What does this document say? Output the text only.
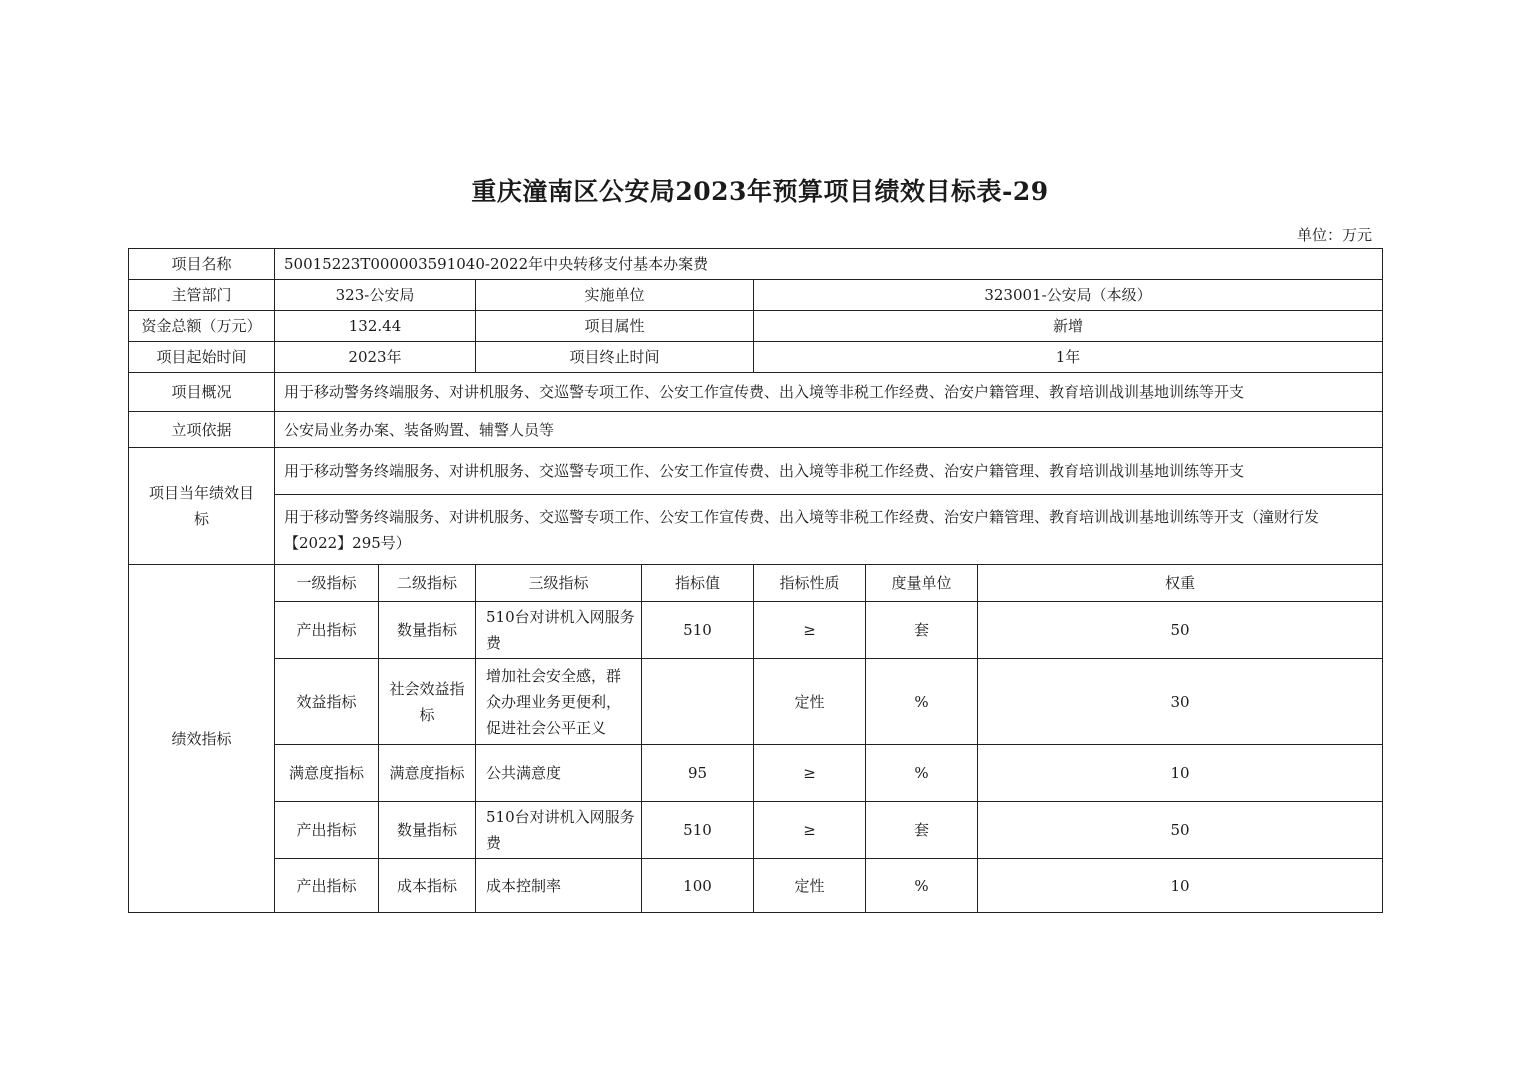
重庆潼南区公安局2023年预算项目绩效目标表-29
单位：万元
项目名称	50015223T000003591040-2022年中央转移支付基本办案费						
主管部门	323-公安局		实施单位		323001-公安局（本级）		
资金总额（万元）	132.44		项目属性		新增		
项目起始时间	2023年		项目终止时间		1年		
项目概况	用于移动警务终端服务、对讲机服务、交巡警专项工作、公安工作宣传费、出入境等非税工作经费、治安户籍管理、教育培训战训基地训练等开支						
立项依据	公安局业务办案、装备购置、辅警人员等						
项目当年绩效目标	用于移动警务终端服务、对讲机服务、交巡警专项工作、公安工作宣传费、出入境等非税工作经费、治安户籍管理、教育培训战训基地训练等开支						
	用于移动警务终端服务、对讲机服务、交巡警专项工作、公安工作宣传费、出入境等非税工作经费、治安户籍管理、教育培训战训基地训练等开支（潼财行发【2022】295号）						
绩效指标	一级指标	二级指标	三级指标	指标值	指标性质	度量单位	权重
	产出指标	数量指标	510台对讲机入网服务费	510	≥	套	50
	效益指标	社会效益指标	增加社会安全感，群众办理业务更便利，促进社会公平正义		定性	%	30
	满意度指标	满意度指标	公共满意度	95	≥	%	10
	产出指标	数量指标	510台对讲机入网服务费	510	≥	套	50
	产出指标	成本指标	成本控制率	100	定性	%	10
